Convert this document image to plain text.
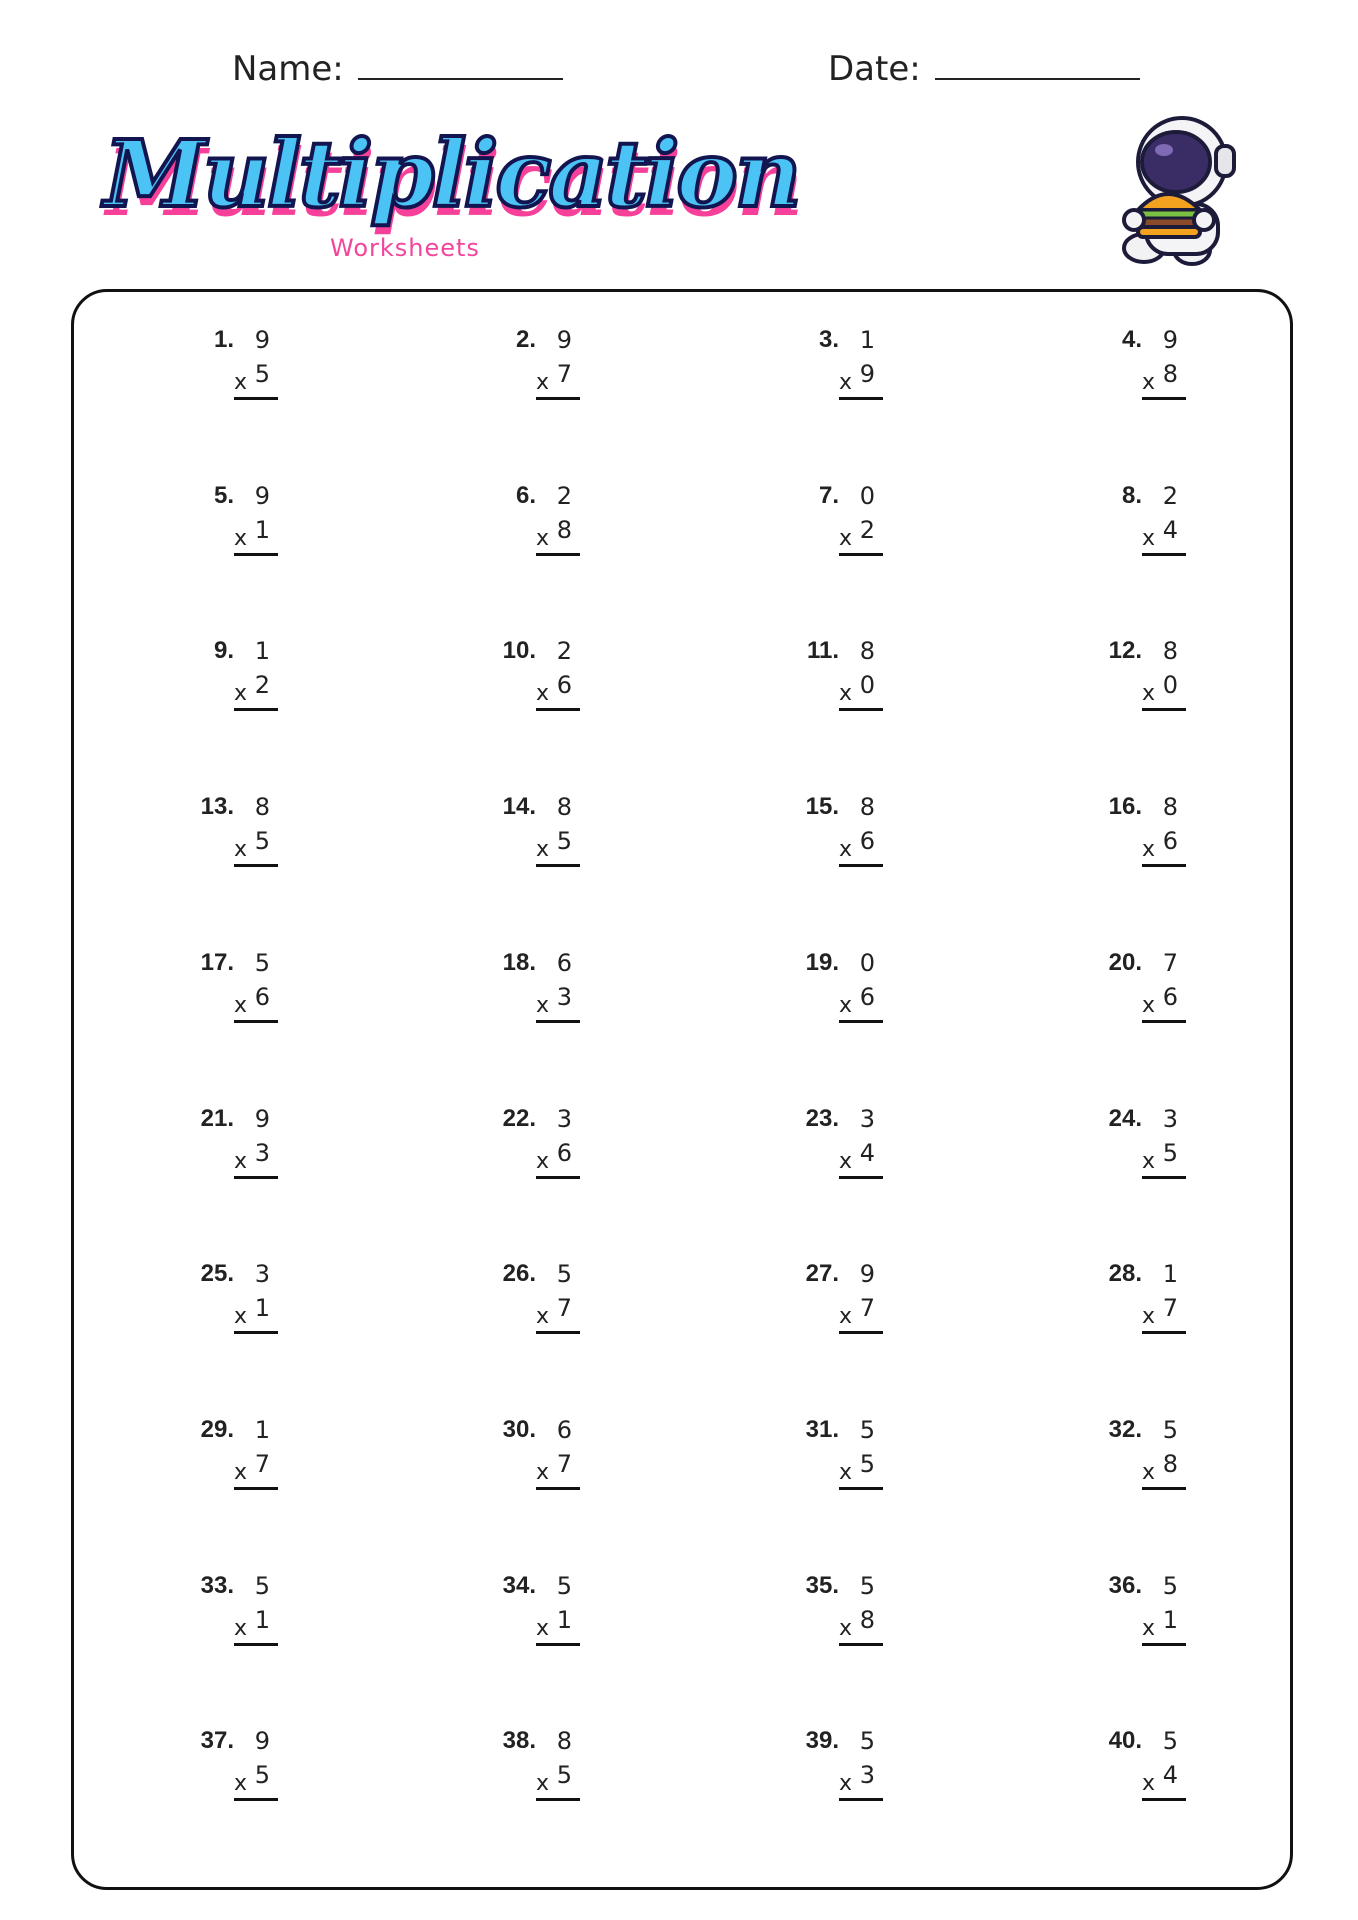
Name:	Date:
Multiplication
Worksheets
1. 9
x 5
2. 9
x 7
3. 1
x 9
4. 9
x 8
5. 9
x 1
6. 2
x 8
7. 0
x 2
8. 2
x 4
9. 1
x 2
10. 2
x 6
11. 8
x 0
12. 8
x 0
13. 8
x 5
14. 8
x 5
15. 8
x 6
16. 8
x 6
17. 5
x 6
18. 6
x 3
19. 0
x 6
20. 7
x 6
21. 9
x 3
22. 3
x 6
23. 3
x 4
24. 3
x 5
25. 3
x 1
26. 5
x 7
27. 9
x 7
28. 1
x 7
29. 1
x 7
30. 6
x 7
31. 5
x 5
32. 5
x 8
33. 5
x 1
34. 5
x 1
35. 5
x 8
36. 5
x 1
37. 9
x 5
38. 8
x 5
39. 5
x 3
40. 5
x 4
